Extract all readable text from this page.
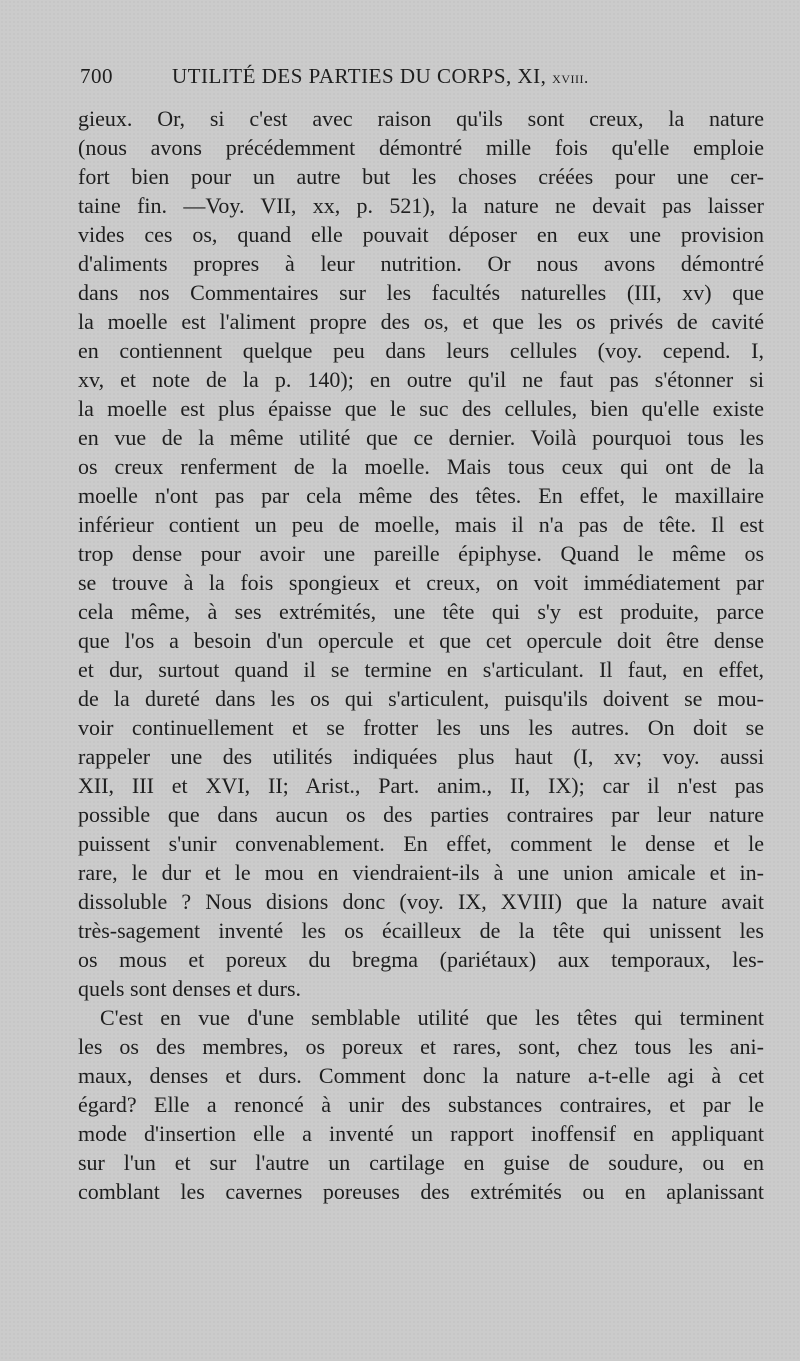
700	UTILITÉ DES PARTIES DU CORPS, XI, xviii.
gieux. Or, si c'est avec raison qu'ils sont creux, la nature
(nous avons précédemment démontré mille fois qu'elle emploie
fort bien pour un autre but les choses créées pour une cer-
taine fin. —Voy. VII, xx, p. 521), la nature ne devait pas laisser
vides ces os, quand elle pouvait déposer en eux une provision
d'aliments propres à leur nutrition. Or nous avons démontré
dans nos Commentaires sur les facultés naturelles (III, xv) que
la moelle est l'aliment propre des os, et que les os privés de cavité
en contiennent quelque peu dans leurs cellules (voy. cepend. I,
xv, et note de la p. 140); en outre qu'il ne faut pas s'étonner si
la moelle est plus épaisse que le suc des cellules, bien qu'elle existe
en vue de la même utilité que ce dernier. Voilà pourquoi tous les
os creux renferment de la moelle. Mais tous ceux qui ont de la
moelle n'ont pas par cela même des têtes. En effet, le maxillaire
inférieur contient un peu de moelle, mais il n'a pas de tête. Il est
trop dense pour avoir une pareille épiphyse. Quand le même os
se trouve à la fois spongieux et creux, on voit immédiatement par
cela même, à ses extrémités, une tête qui s'y est produite, parce
que l'os a besoin d'un opercule et que cet opercule doit être dense
et dur, surtout quand il se termine en s'articulant. Il faut, en effet,
de la dureté dans les os qui s'articulent, puisqu'ils doivent se mou-
voir continuellement et se frotter les uns les autres. On doit se
rappeler une des utilités indiquées plus haut (I, xv; voy. aussi
XII, III et XVI, II; Arist., Part. anim., II, IX); car il n'est pas
possible que dans aucun os des parties contraires par leur nature
puissent s'unir convenablement. En effet, comment le dense et le
rare, le dur et le mou en viendraient-ils à une union amicale et in-
dissoluble ? Nous disions donc (voy. IX, XVIII) que la nature avait
très-sagement inventé les os écailleux de la tête qui unissent les
os mous et poreux du bregma (pariétaux) aux temporaux, les-
quels sont denses et durs.
C'est en vue d'une semblable utilité que les têtes qui terminent
les os des membres, os poreux et rares, sont, chez tous les ani-
maux, denses et durs. Comment donc la nature a-t-elle agi à cet
égard? Elle a renoncé à unir des substances contraires, et par le
mode d'insertion elle a inventé un rapport inoffensif en appliquant
sur l'un et sur l'autre un cartilage en guise de soudure, ou en
comblant les cavernes poreuses des extrémités ou en aplanissant
